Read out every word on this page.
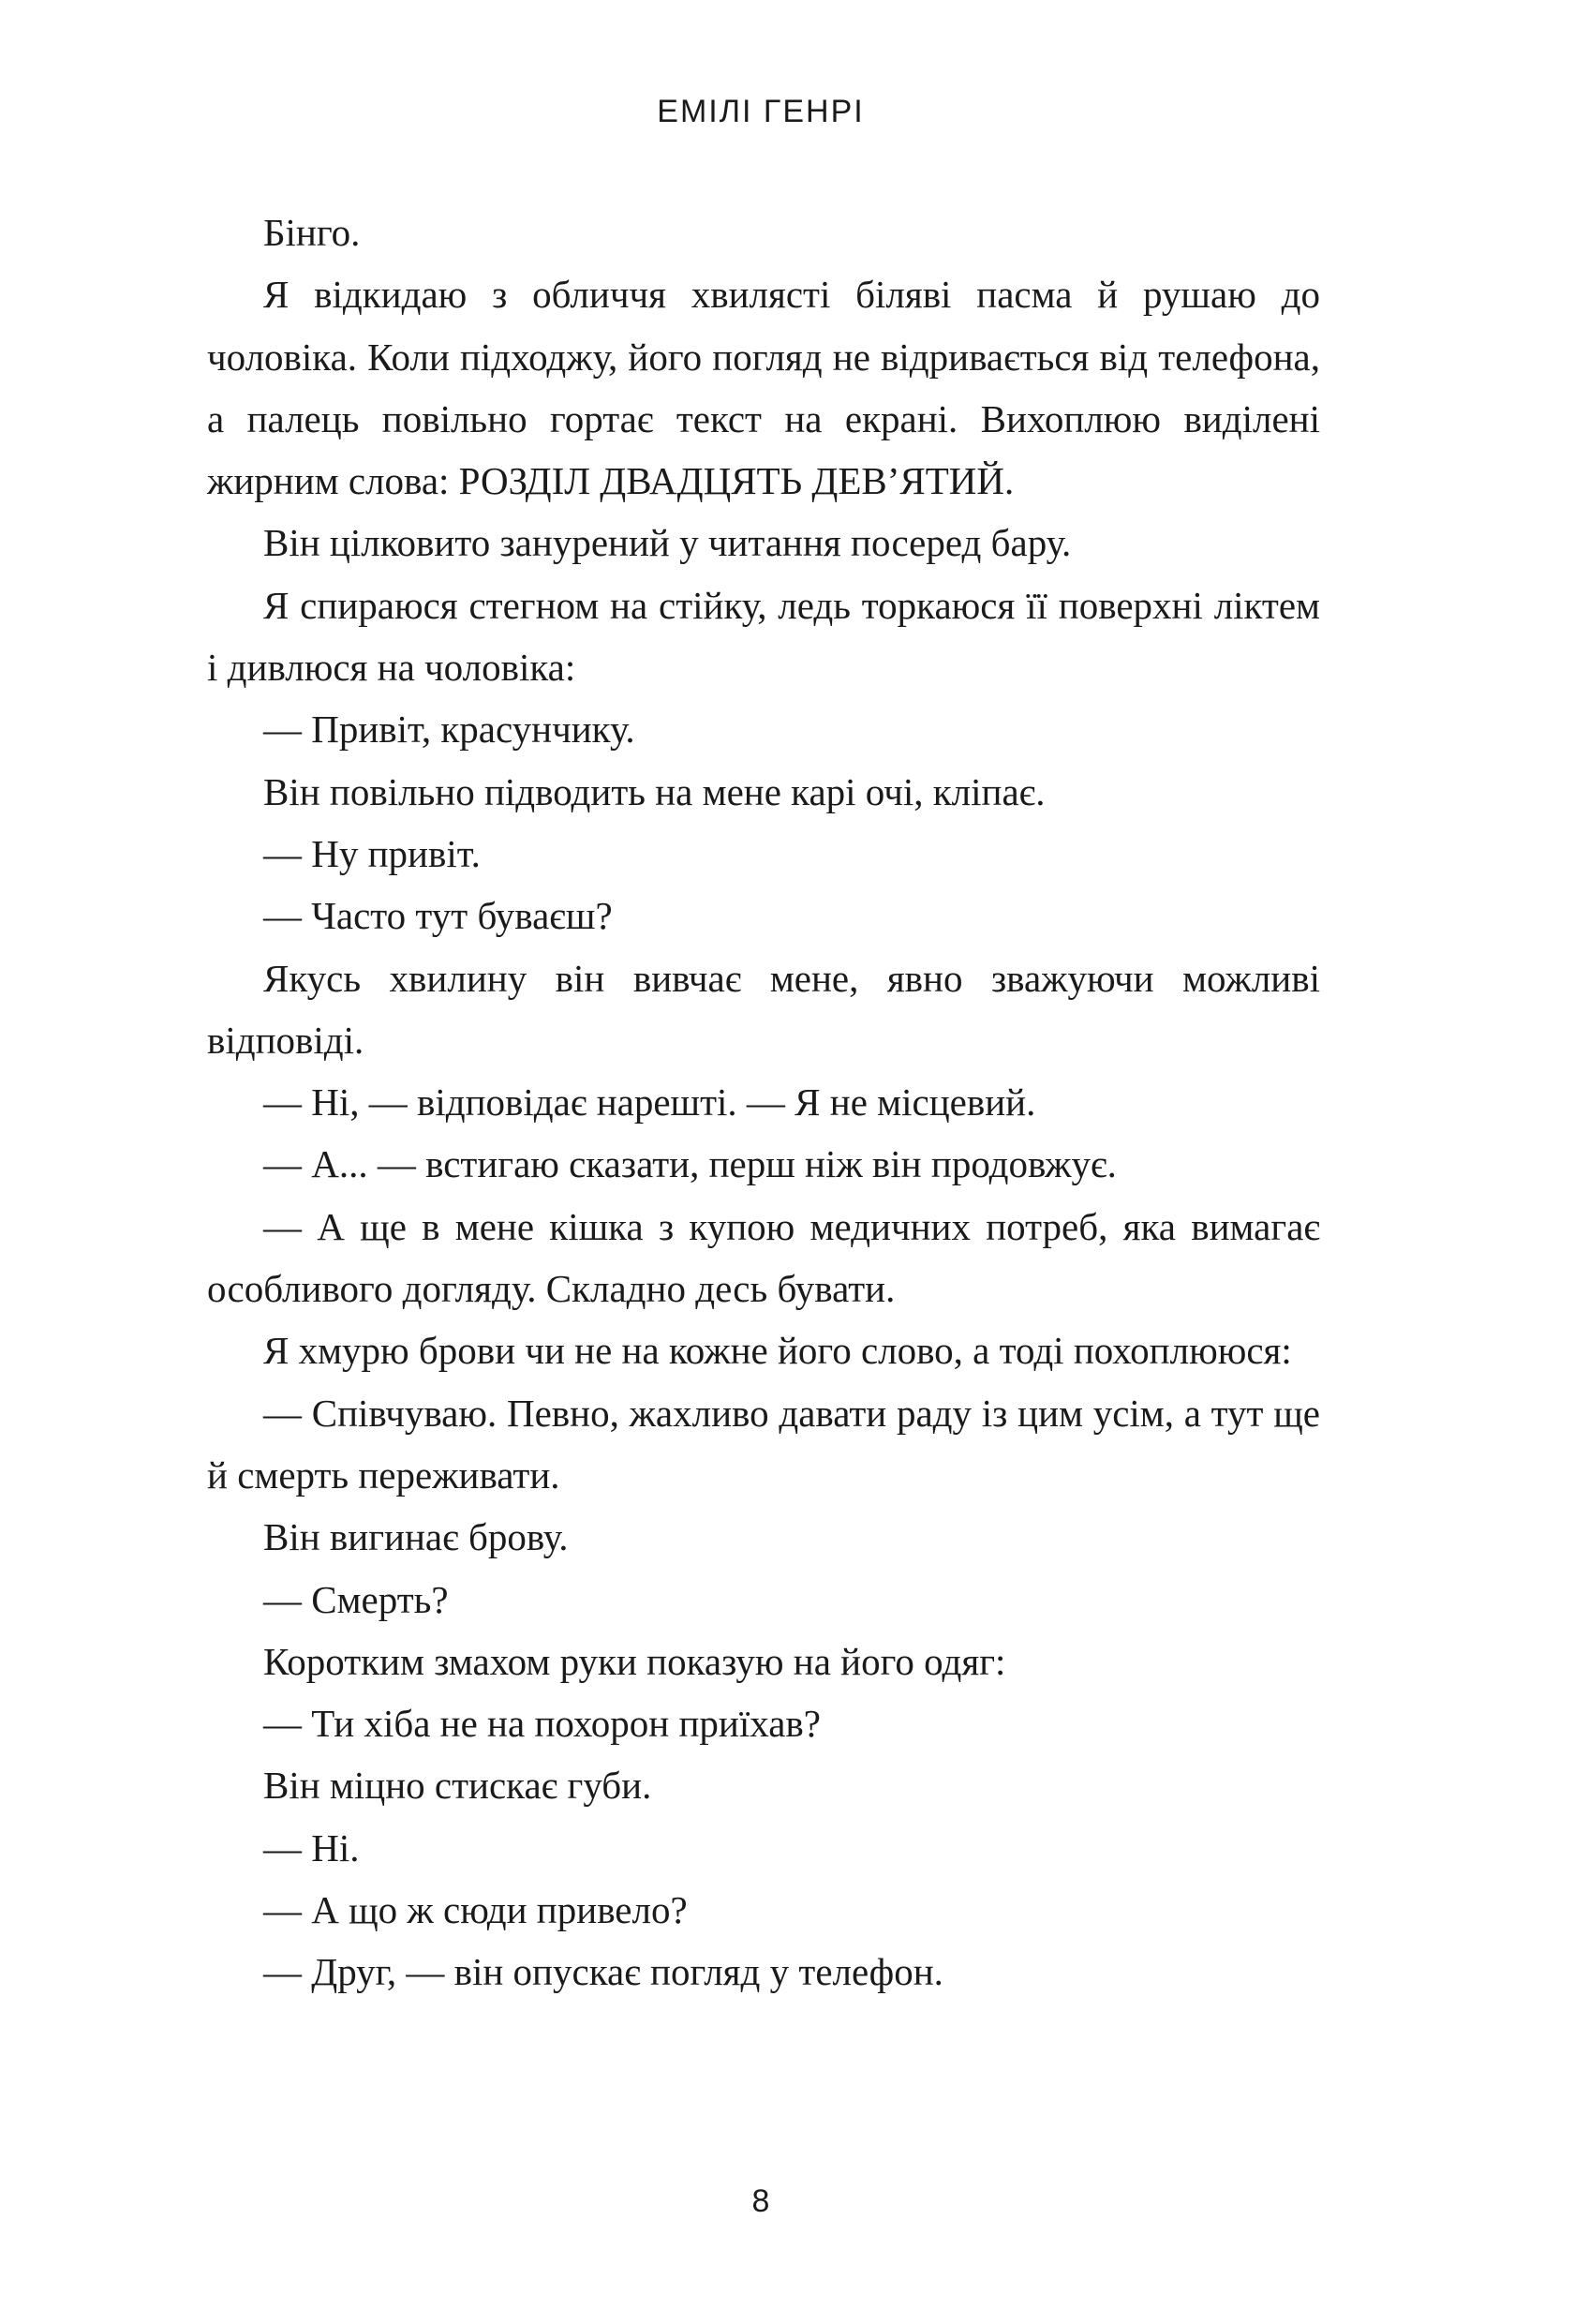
ЕМІЛІ ГЕНРІ

Бінго.

Я відкидаю з обличчя хвилясті біляві пасма й рушаю до чоловіка. Коли підходжу, його погляд не відривається від телефона, а палець повільно гортає текст на екрані. Вихоплюю виділені жирним слова: РОЗДІЛ ДВАДЦЯТЬ ДЕВ’ЯТИЙ.

Він цілковито занурений у читання посеред бару.

Я спираюся стегном на стійку, ледь торкаюся її поверхні ліктем і дивлюся на чоловіка:

— Привіт, красунчику.

Він повільно підводить на мене карі очі, кліпає.

— Ну привіт.

— Часто тут буваєш?

Якусь хвилину він вивчає мене, явно зважуючи можливі відповіді.

— Ні, — відповідає нарешті. — Я не місцевий.

— А... — встигаю сказати, перш ніж він продовжує.

— А ще в мене кішка з купою медичних потреб, яка вимагає особливого догляду. Складно десь бувати.

Я хмурю брови чи не на кожне його слово, а тоді похоплююся:

— Співчуваю. Певно, жахливо давати раду із цим усім, а тут ще й смерть переживати.

Він вигинає брову.

— Смерть?

Коротким змахом руки показую на його одяг:

— Ти хіба не на похорон приїхав?

Він міцно стискає губи.

— Ні.

— А що ж сюди привело?

— Друг, — він опускає погляд у телефон.

8
